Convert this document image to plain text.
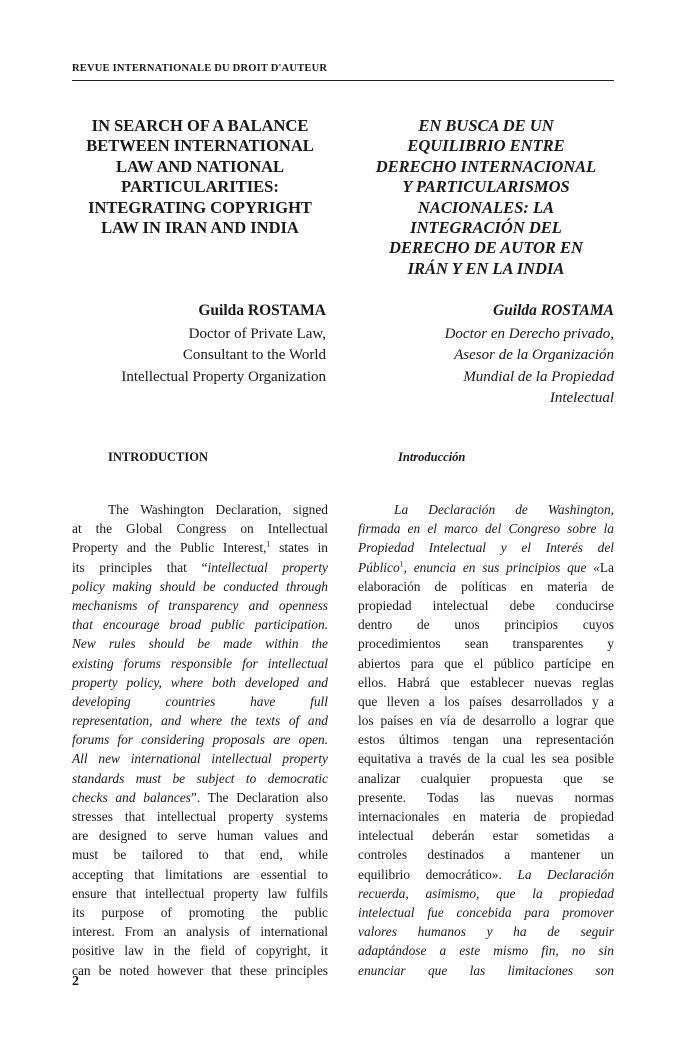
REVUE INTERNATIONALE DU DROIT D'AUTEUR
IN SEARCH OF A BALANCE
BETWEEN INTERNATIONAL
LAW AND NATIONAL
PARTICULARITIES:
INTEGRATING COPYRIGHT
LAW IN IRAN AND INDIA
EN BUSCA DE UN
EQUILIBRIO ENTRE
DERECHO INTERNACIONAL
Y PARTICULARISMOS
NACIONALES: LA
INTEGRACIÓN DEL
DERECHO DE AUTOR EN
IRÁN Y EN LA INDIA
Guilda ROSTAMA
Doctor of Private Law,
Consultant to the World
Intellectual Property Organization
Guilda ROSTAMA
Doctor en Derecho privado,
Asesor de la Organización
Mundial de la Propiedad
Intelectual
INTRODUCTION	Introducción
The Washington Declaration, signed
at the Global Congress on Intellectual
Property and the Public Interest,$^1$ states in
its principles that “intellectual property
policy making should be conducted through
mechanisms of transparency and openness
that encourage broad public participation.
New rules should be made within the
existing forums responsible for intellectual
property policy, where both developed and
developing countries have full
representation, and where the texts of and
forums for considering proposals are open.
All new international intellectual property
standards must be subject to democratic
checks and balances”. The Declaration also
stresses that intellectual property systems
are designed to serve human values and
must be tailored to that end, while
accepting that limitations are essential to
ensure that intellectual property law fulfils
its purpose of promoting the public
interest. From an analysis of international
positive law in the field of copyright, it
can be noted however that these principles
La Declaración de Washington,
firmada en el marco del Congreso sobre la
Propiedad Intelectual y el Interés del
Público$^1$, enuncia en sus principios que «La
elaboración de políticas en materia de
propiedad intelectual debe conducirse
dentro de unos principios cuyos
procedimientos sean transparentes y
abiertos para que el público partícipe en
ellos. Habrá que establecer nuevas reglas
que lleven a los países desarrollados y a
los países en vía de desarrollo a lograr que
estos últimos tengan una representación
equitativa a través de la cual les sea posible
analizar cualquier propuesta que se
presente. Todas las nuevas normas
internacionales en materia de propiedad
intelectual deberán estar sometidas a
controles destinados a mantener un
equilibrio democrático». La Declaración
recuerda, asimismo, que la propiedad
intelectual fue concebida para promover
valores humanos y ha de seguir
adaptándose a este mismo fin, no sin
enunciar que las limitaciones son
2
